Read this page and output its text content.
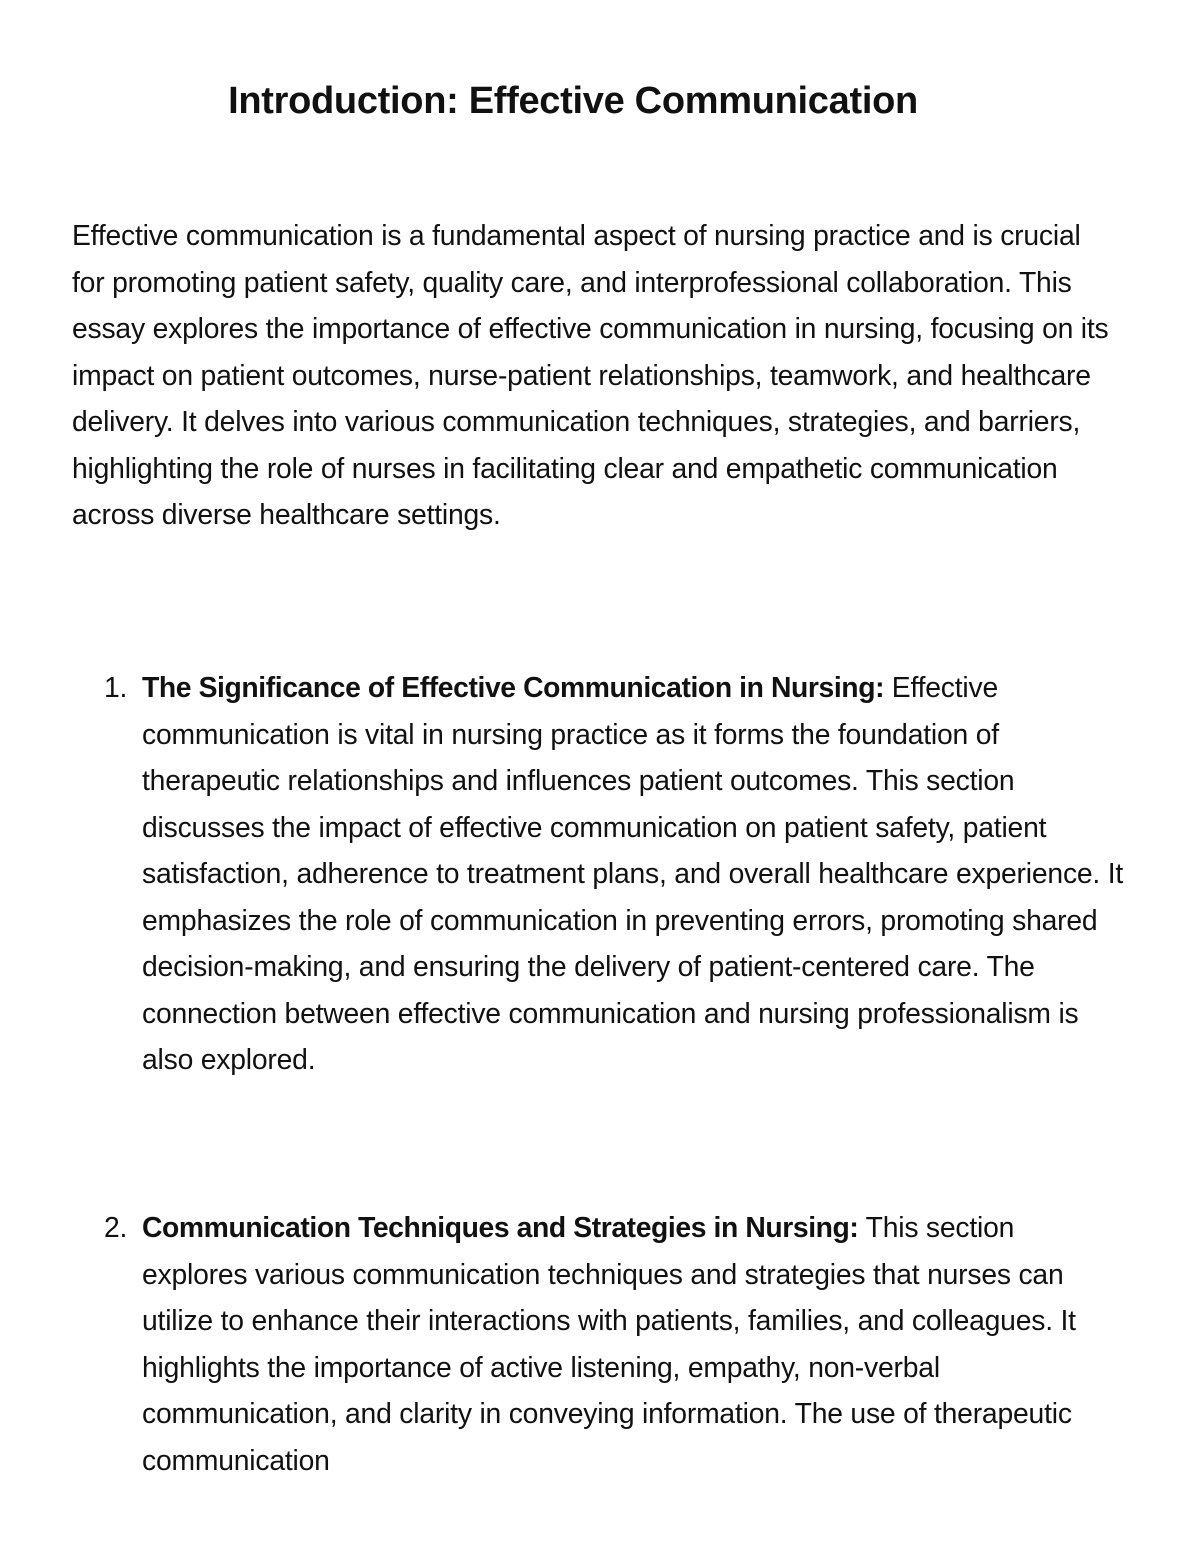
Introduction: Effective Communication

Effective communication is a fundamental aspect of nursing practice and is crucial for promoting patient safety, quality care, and interprofessional collaboration. This essay explores the importance of effective communication in nursing, focusing on its impact on patient outcomes, nurse-patient relationships, teamwork, and healthcare delivery. It delves into various communication techniques, strategies, and barriers, highlighting the role of nurses in facilitating clear and empathetic communication across diverse healthcare settings.

1. The Significance of Effective Communication in Nursing: Effective communication is vital in nursing practice as it forms the foundation of therapeutic relationships and influences patient outcomes. This section discusses the impact of effective communication on patient safety, patient satisfaction, adherence to treatment plans, and overall healthcare experience. It emphasizes the role of communication in preventing errors, promoting shared decision-making, and ensuring the delivery of patient-centered care. The connection between effective communication and nursing professionalism is also explored.
2. Communication Techniques and Strategies in Nursing: This section explores various communication techniques and strategies that nurses can utilize to enhance their interactions with patients, families, and colleagues. It highlights the importance of active listening, empathy, non-verbal communication, and clarity in conveying information. The use of therapeutic communication
